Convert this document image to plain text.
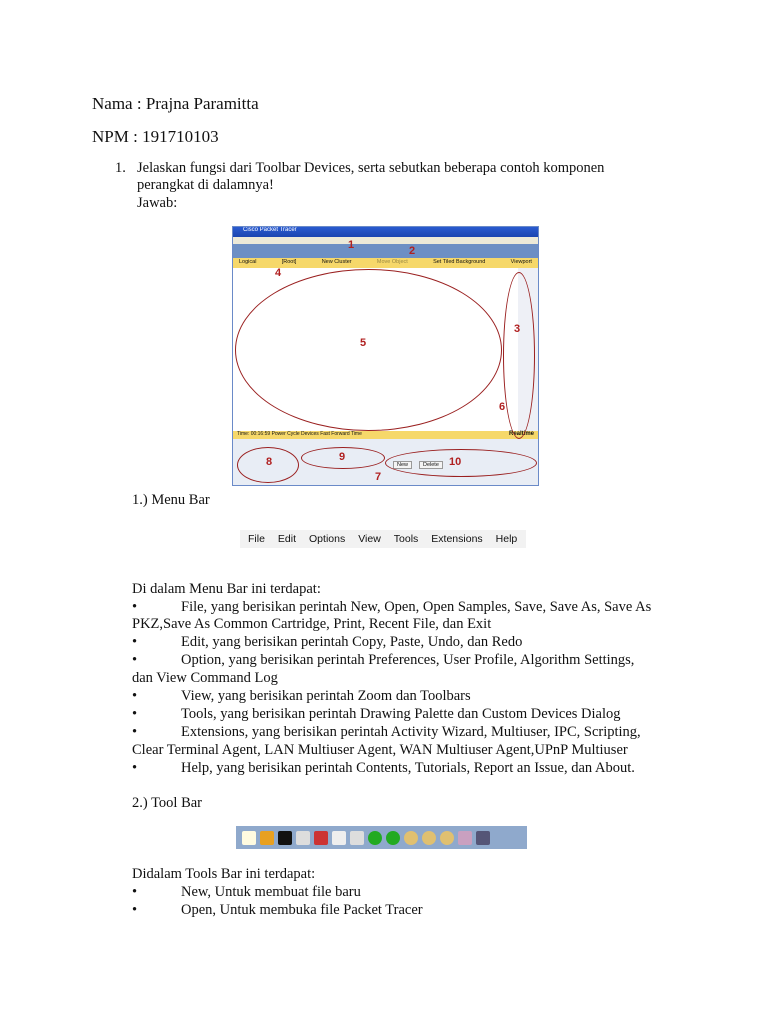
Nama : Prajna Paramitta
NPM : 191710103
1. Jelaskan fungsi dari Toolbar Devices, serta sebutkan beberapa contoh komponen
perangkat di dalamnya!
Jawab:
Cisco Packet Tracer
Logical	[Root]	New Cluster	Move Object	Set Tiled Background	Viewport
Time: 00:16:59 Power Cycle Devices Fast Forward Time	Realtime
New	Delete
1	2
3
4
5
6
7
8	9	10
1.) Menu Bar
File Edit Options View Tools Extensions Help
Di dalam Menu Bar ini terdapat:
•	File, yang berisikan perintah New, Open, Open Samples, Save, Save As, Save As
PKZ,Save As Common Cartridge, Print, Recent File, dan Exit
•	Edit, yang berisikan perintah Copy, Paste, Undo, dan Redo
•	Option, yang berisikan perintah Preferences, User Profile, Algorithm Settings,
dan View Command Log
•	View, yang berisikan perintah Zoom dan Toolbars
•	Tools, yang berisikan perintah Drawing Palette dan Custom Devices Dialog
•	Extensions, yang berisikan perintah Activity Wizard, Multiuser, IPC, Scripting,
Clear Terminal Agent, LAN Multiuser Agent, WAN Multiuser Agent,UPnP Multiuser
•	Help, yang berisikan perintah Contents, Tutorials, Report an Issue, dan About.
2.) Tool Bar
Didalam Tools Bar ini terdapat:
•	New, Untuk membuat file baru
•	Open, Untuk membuka file Packet Tracer
